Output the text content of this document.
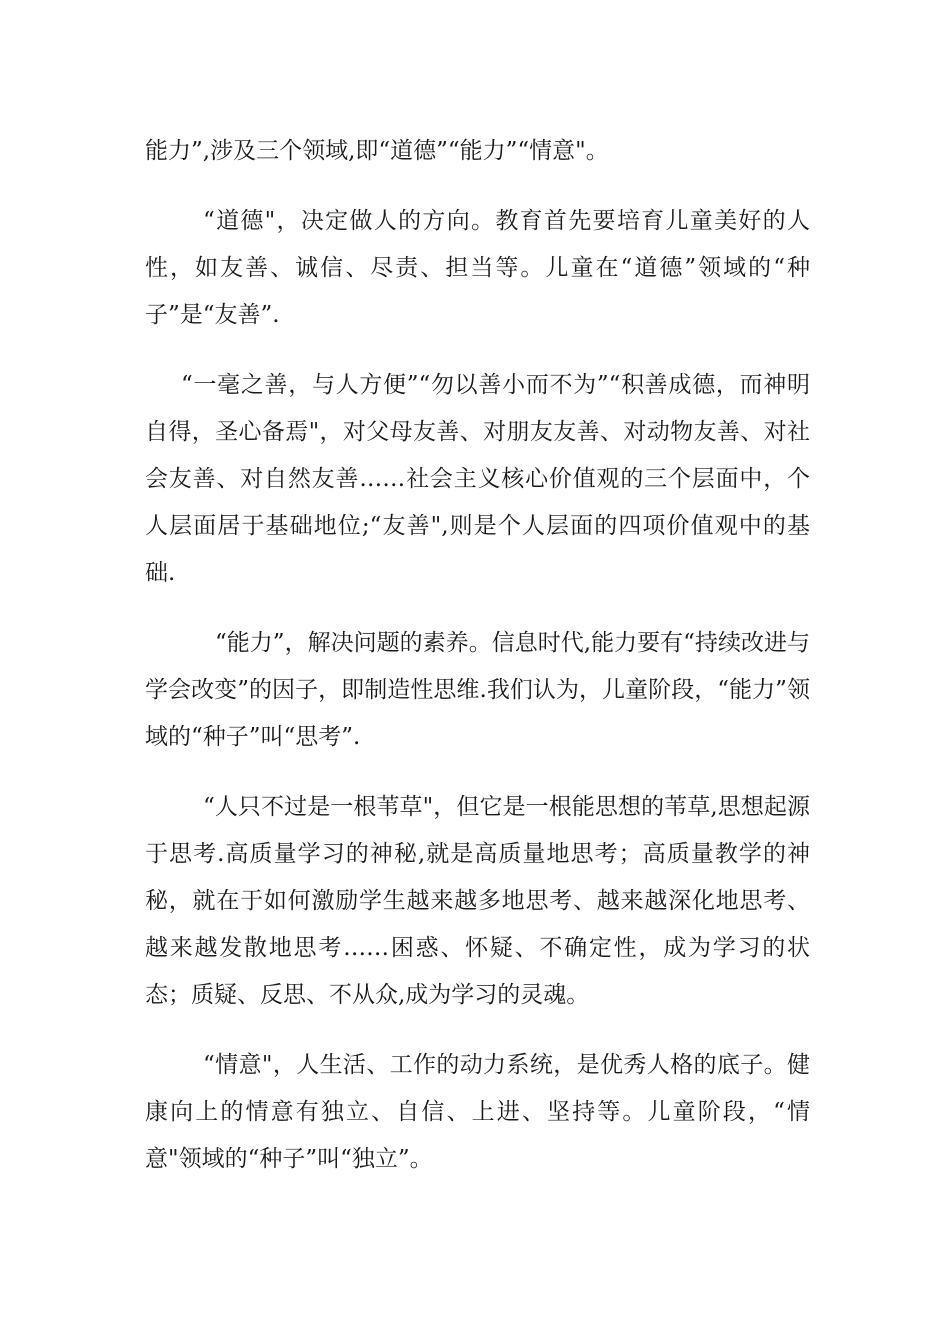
能力”,涉及三个领域,即“道德”“能力”“情意"。

“道德"，决定做人的方向。教育首先要培育儿童美好的人性，如友善、诚信、尽责、担当等。儿童在“道德”领域的“种子”是“友善”.

“一毫之善，与人方便”“勿以善小而不为”“积善成德，而神明自得，圣心备焉"，对父母友善、对朋友友善、对动物友善、对社会友善、对自然友善……社会主义核心价值观的三个层面中，个人层面居于基础地位;“友善",则是个人层面的四项价值观中的基础.

“能力”，解决问题的素养。信息时代,能力要有“持续改进与学会改变”的因子，即制造性思维.我们认为，儿童阶段，“能力”领域的“种子”叫“思考”.

“人只不过是一根苇草"，但它是一根能思想的苇草,思想起源于思考.高质量学习的神秘,就是高质量地思考；高质量教学的神秘，就在于如何激励学生越来越多地思考、越来越深化地思考、越来越发散地思考……困惑、怀疑、不确定性，成为学习的状态；质疑、反思、不从众,成为学习的灵魂。

“情意"，人生活、工作的动力系统，是优秀人格的底子。健康向上的情意有独立、自信、上进、坚持等。儿童阶段，“情意"领域的“种子”叫“独立”。
